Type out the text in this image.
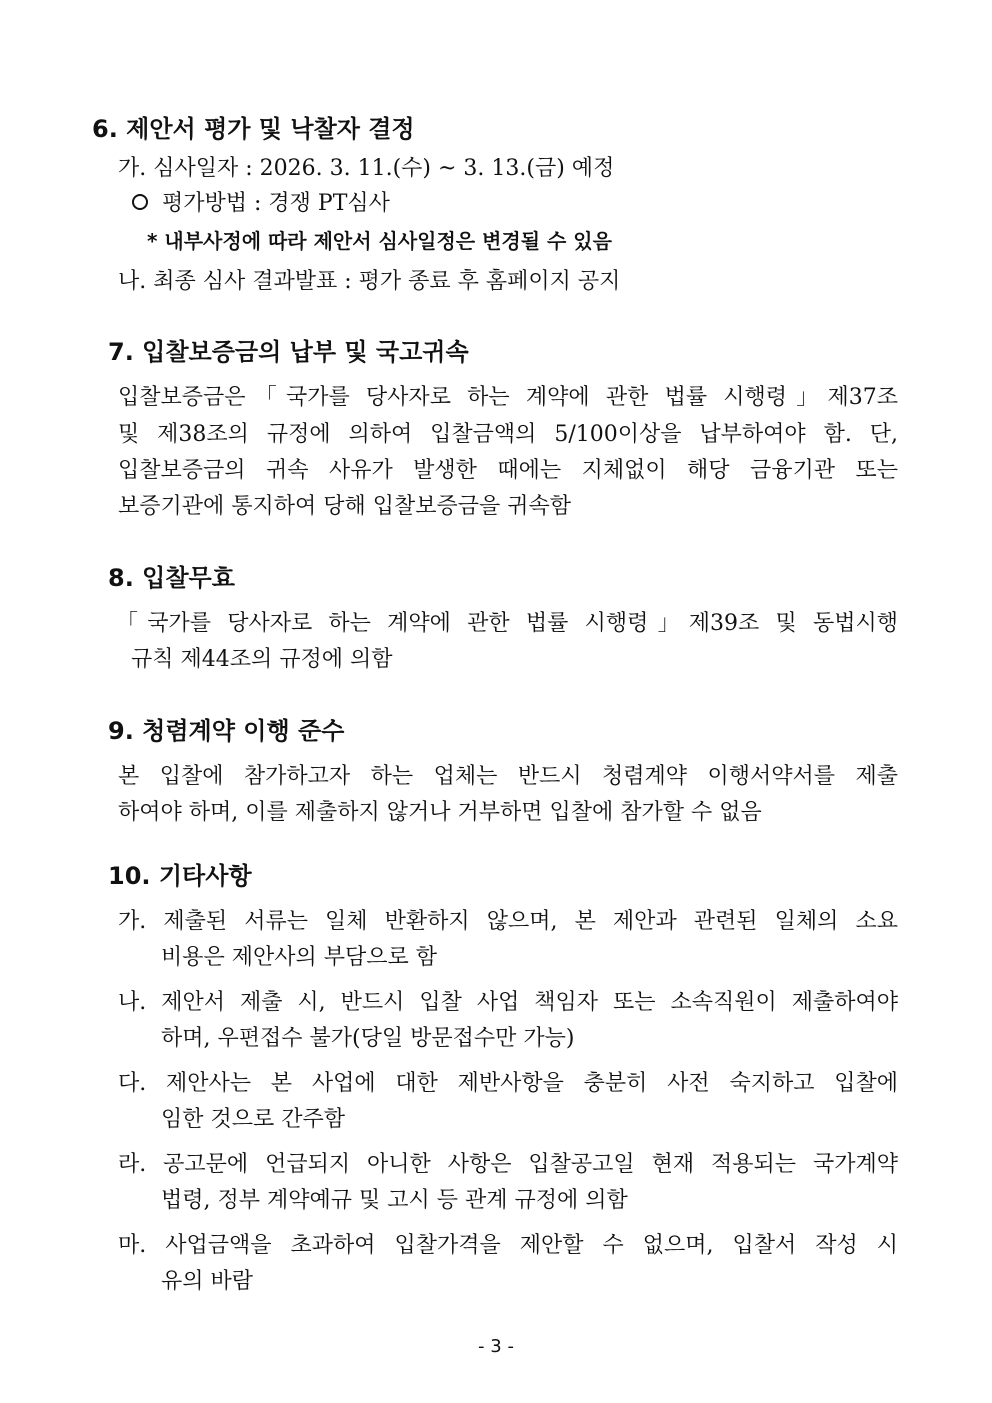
6. 제안서 평가 및 낙찰자 결정
가. 심사일자 : 2026. 3. 11.(수) ~ 3. 13.(금) 예정
평가방법 : 경쟁 PT심사
* 내부사정에 따라 제안서 심사일정은 변경될 수 있음
나. 최종 심사 결과발표 : 평가 종료 후 홈페이지 공지
7. 입찰보증금의 납부 및 국고귀속
입찰보증금은「국가를 당사자로 하는 계약에 관한 법률 시행령」제37조
및 제38조의 규정에 의하여 입찰금액의 5/100이상을 납부하여야 함. 단,
입찰보증금의 귀속 사유가 발생한 때에는 지체없이 해당 금융기관 또는
보증기관에 통지하여 당해 입찰보증금을 귀속함
8. 입찰무효
「국가를 당사자로 하는 계약에 관한 법률 시행령」제39조 및 동법시행
규칙 제44조의 규정에 의함
9. 청렴계약 이행 준수
본 입찰에 참가하고자 하는 업체는 반드시 청렴계약 이행서약서를 제출
하여야 하며, 이를 제출하지 않거나 거부하면 입찰에 참가할 수 없음
10. 기타사항
가. 제출된 서류는 일체 반환하지 않으며, 본 제안과 관련된 일체의 소요
비용은 제안사의 부담으로 함
나. 제안서 제출 시, 반드시 입찰 사업 책임자 또는 소속직원이 제출하여야
하며, 우편접수 불가(당일 방문접수만 가능)
다. 제안사는 본 사업에 대한 제반사항을 충분히 사전 숙지하고 입찰에
임한 것으로 간주함
라. 공고문에 언급되지 아니한 사항은 입찰공고일 현재 적용되는 국가계약
법령, 정부 계약예규 및 고시 등 관계 규정에 의함
마. 사업금액을 초과하여 입찰가격을 제안할 수 없으며, 입찰서 작성 시
유의 바람
- 3 -
